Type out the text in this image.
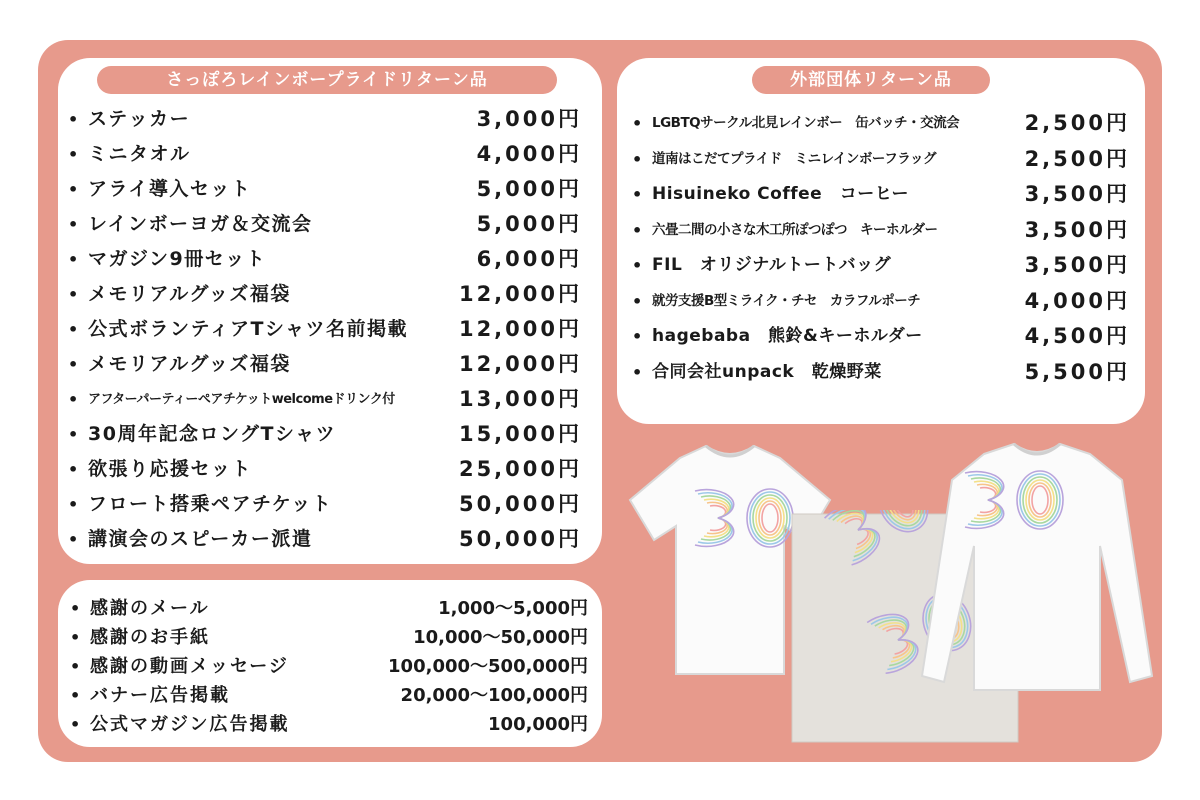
さっぽろレインボープライドリターン品
• ステッカー	3,000円
• ミニタオル	4,000円
• アライ導入セット	5,000円
• レインボーヨガ＆交流会	5,000円
• マガジン9冊セット	6,000円
• メモリアルグッズ福袋	12,000円
• 公式ボランティアTシャツ名前掲載 12,000円
• メモリアルグッズ福袋	12,000円
• アフターパーティーペアチケットwelcomeドリンク付	13,000円
• 30周年記念ロングTシャツ	15,000円
• 欲張り応援セット	25,000円
• フロート搭乗ペアチケット	50,000円
• 講演会のスピーカー派遣	50,000円
外部団体リターン品
• LGBTQサークル北見レインボー　缶バッチ・交流会	2,500円
• 道南はこだてプライド　ミニレインボーフラッグ	2,500円
• Hisuineko Coffee　コーヒー	3,500円
• 六畳二間の小さな木工所ぽつぽつ　キーホルダー	3,500円
• FIL　オリジナルトートバッグ	3,500円
• 就労支援B型ミライク・チセ　カラフルポーチ	4,000円
• hagebaba　熊鈴&キーホルダー	4,500円
• 合同会社unpack　乾燥野菜	5,500円
• 感謝のメール	1,000～5,000円
• 感謝のお手紙	10,000～50,000円
• 感謝の動画メッセージ	100,000～500,000円
• バナー広告掲載	20,000～100,000円
• 公式マガジン広告掲載	100,000円
